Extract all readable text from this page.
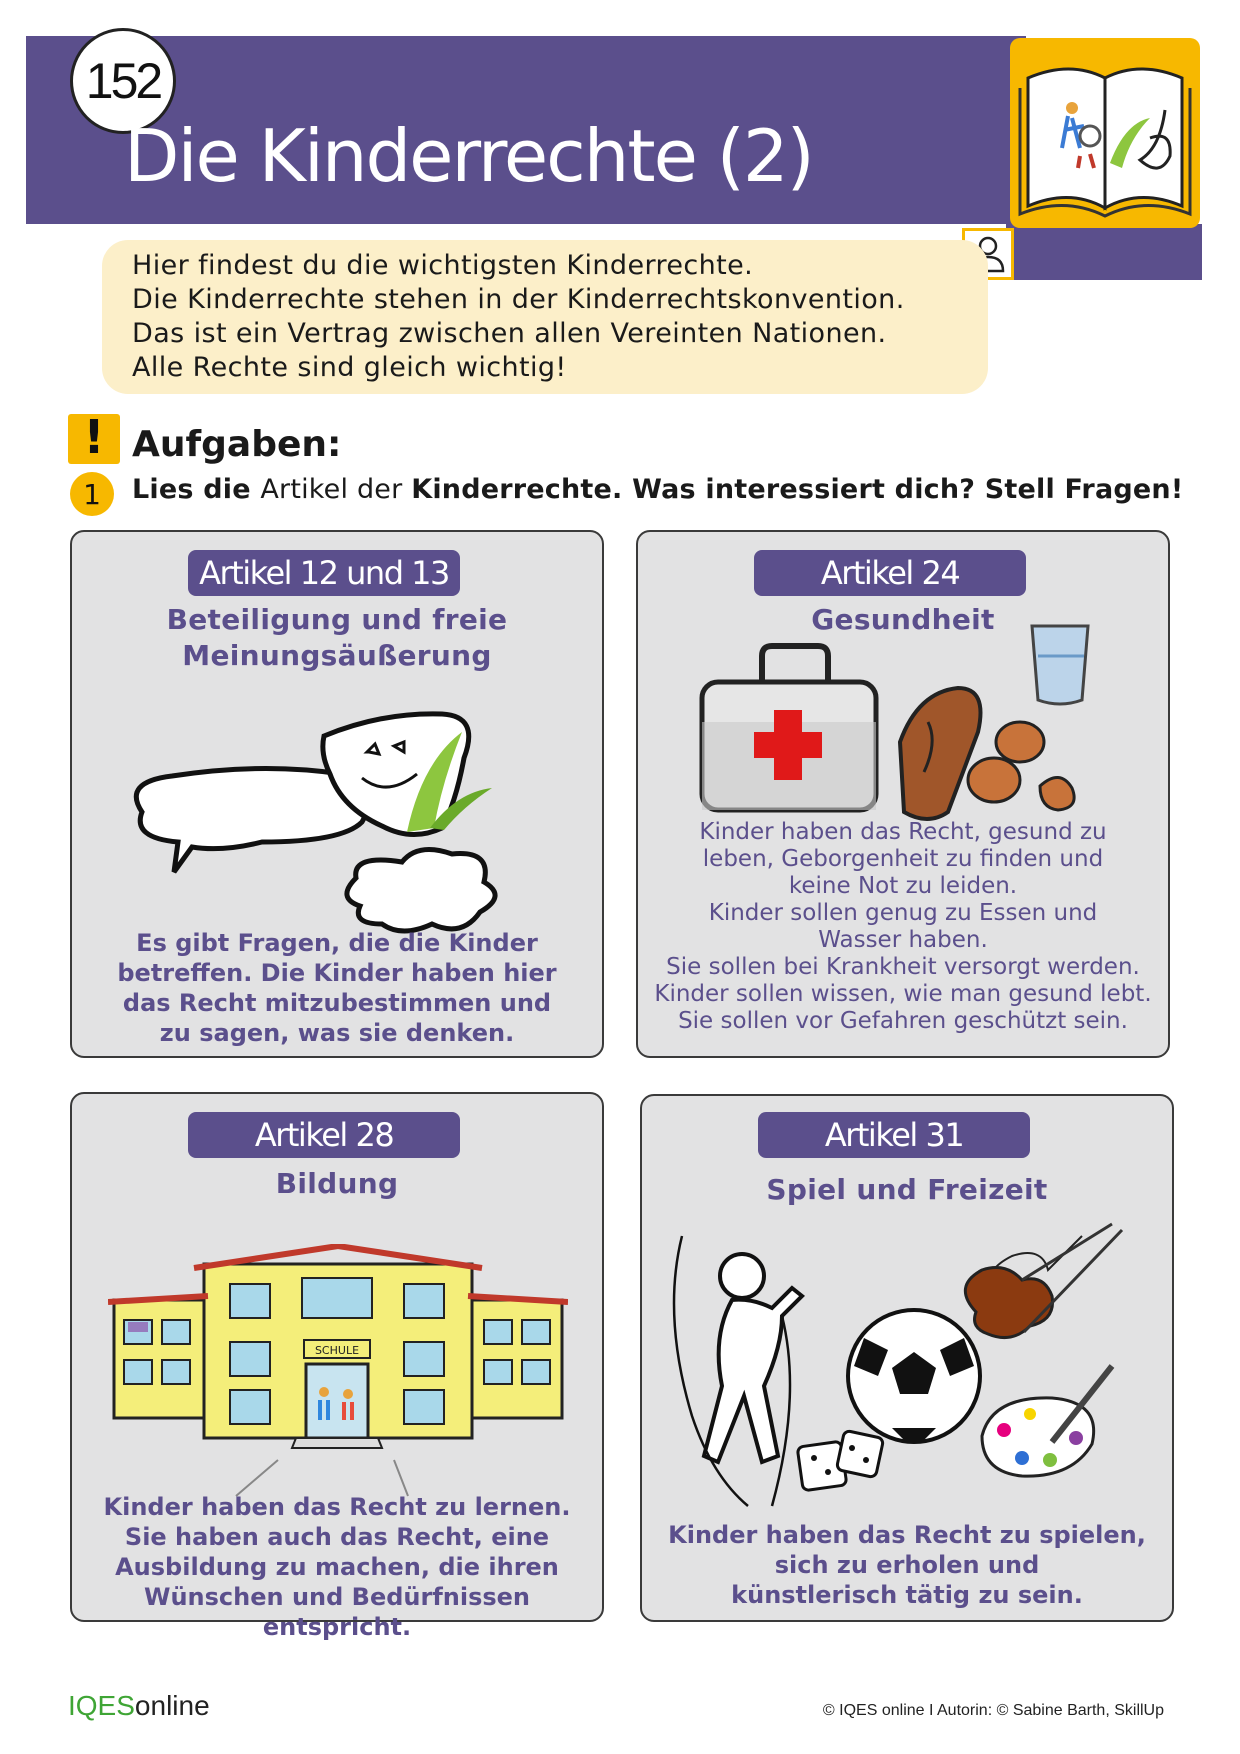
152
Die Kinderrechte (2)
Hier findest du die wichtigsten Kinderrechte.
Die Kinderrechte stehen in der Kinderrechtskonvention.
Das ist ein Vertrag zwischen allen Vereinten Nationen.
Alle Rechte sind gleich wichtig!
! Aufgaben:
1	Lies die Artikel der Kinderrechte. Was interessiert dich? Stell Fragen!
Artikel 12 und 13
Beteiligung und freie
Meinungsäußerung
Es gibt Fragen, die die Kinder
betreffen. Die Kinder haben hier
das Recht mitzubestimmen und
zu sagen, was sie denken.
Artikel 24
Gesundheit
Kinder haben das Recht, gesund zu
leben, Geborgenheit zu finden und
keine Not zu leiden.
Kinder sollen genug zu Essen und
Wasser haben.
Sie sollen bei Krankheit versorgt werden.
Kinder sollen wissen, wie man gesund lebt.
Sie sollen vor Gefahren geschützt sein.
Artikel 28
Bildung
SCHULE
Kinder haben das Recht zu lernen.
Sie haben auch das Recht, eine
Ausbildung zu machen, die ihren
Wünschen und Bedürfnissen entspricht.
Artikel 31
Spiel und Freizeit
Kinder haben das Recht zu spielen,
sich zu erholen und
künstlerisch tätig zu sein.
IQESonline	© IQES online I Autorin: © Sabine Barth, SkillUp
